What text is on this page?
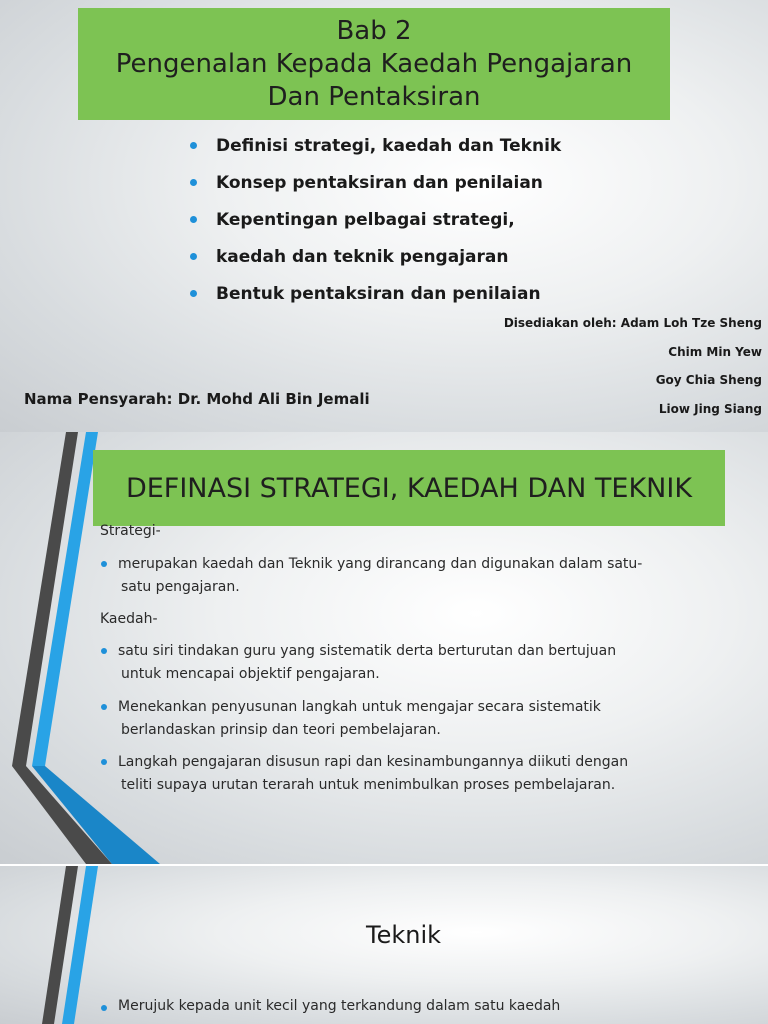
Bab 2
Pengenalan Kepada Kaedah Pengajaran
Dan Pentaksiran
Definisi strategi, kaedah dan Teknik
Konsep pentaksiran dan penilaian
Kepentingan pelbagai strategi,
kaedah dan teknik pengajaran
Bentuk pentaksiran dan penilaian
Disediakan oleh: Adam Loh Tze Sheng
Chim Min Yew
Goy Chia Sheng
Liow Jing Siang
Nama Pensyarah: Dr. Mohd Ali Bin Jemali
DEFINASI STRATEGI, KAEDAH DAN TEKNIK
Strategi-
merupakan kaedah dan Teknik yang dirancang dan digunakan dalam satu-
satu pengajaran.
Kaedah-
satu siri tindakan guru yang sistematik derta berturutan dan bertujuan
untuk mencapai objektif pengajaran.
Menekankan penyusunan langkah untuk mengajar secara sistematik
berlandaskan prinsip dan teori pembelajaran.
Langkah pengajaran disusun rapi dan kesinambungannya diikuti dengan
teliti supaya urutan terarah untuk menimbulkan proses pembelajaran.
Teknik
Merujuk kepada unit kecil yang terkandung dalam satu kaedah
